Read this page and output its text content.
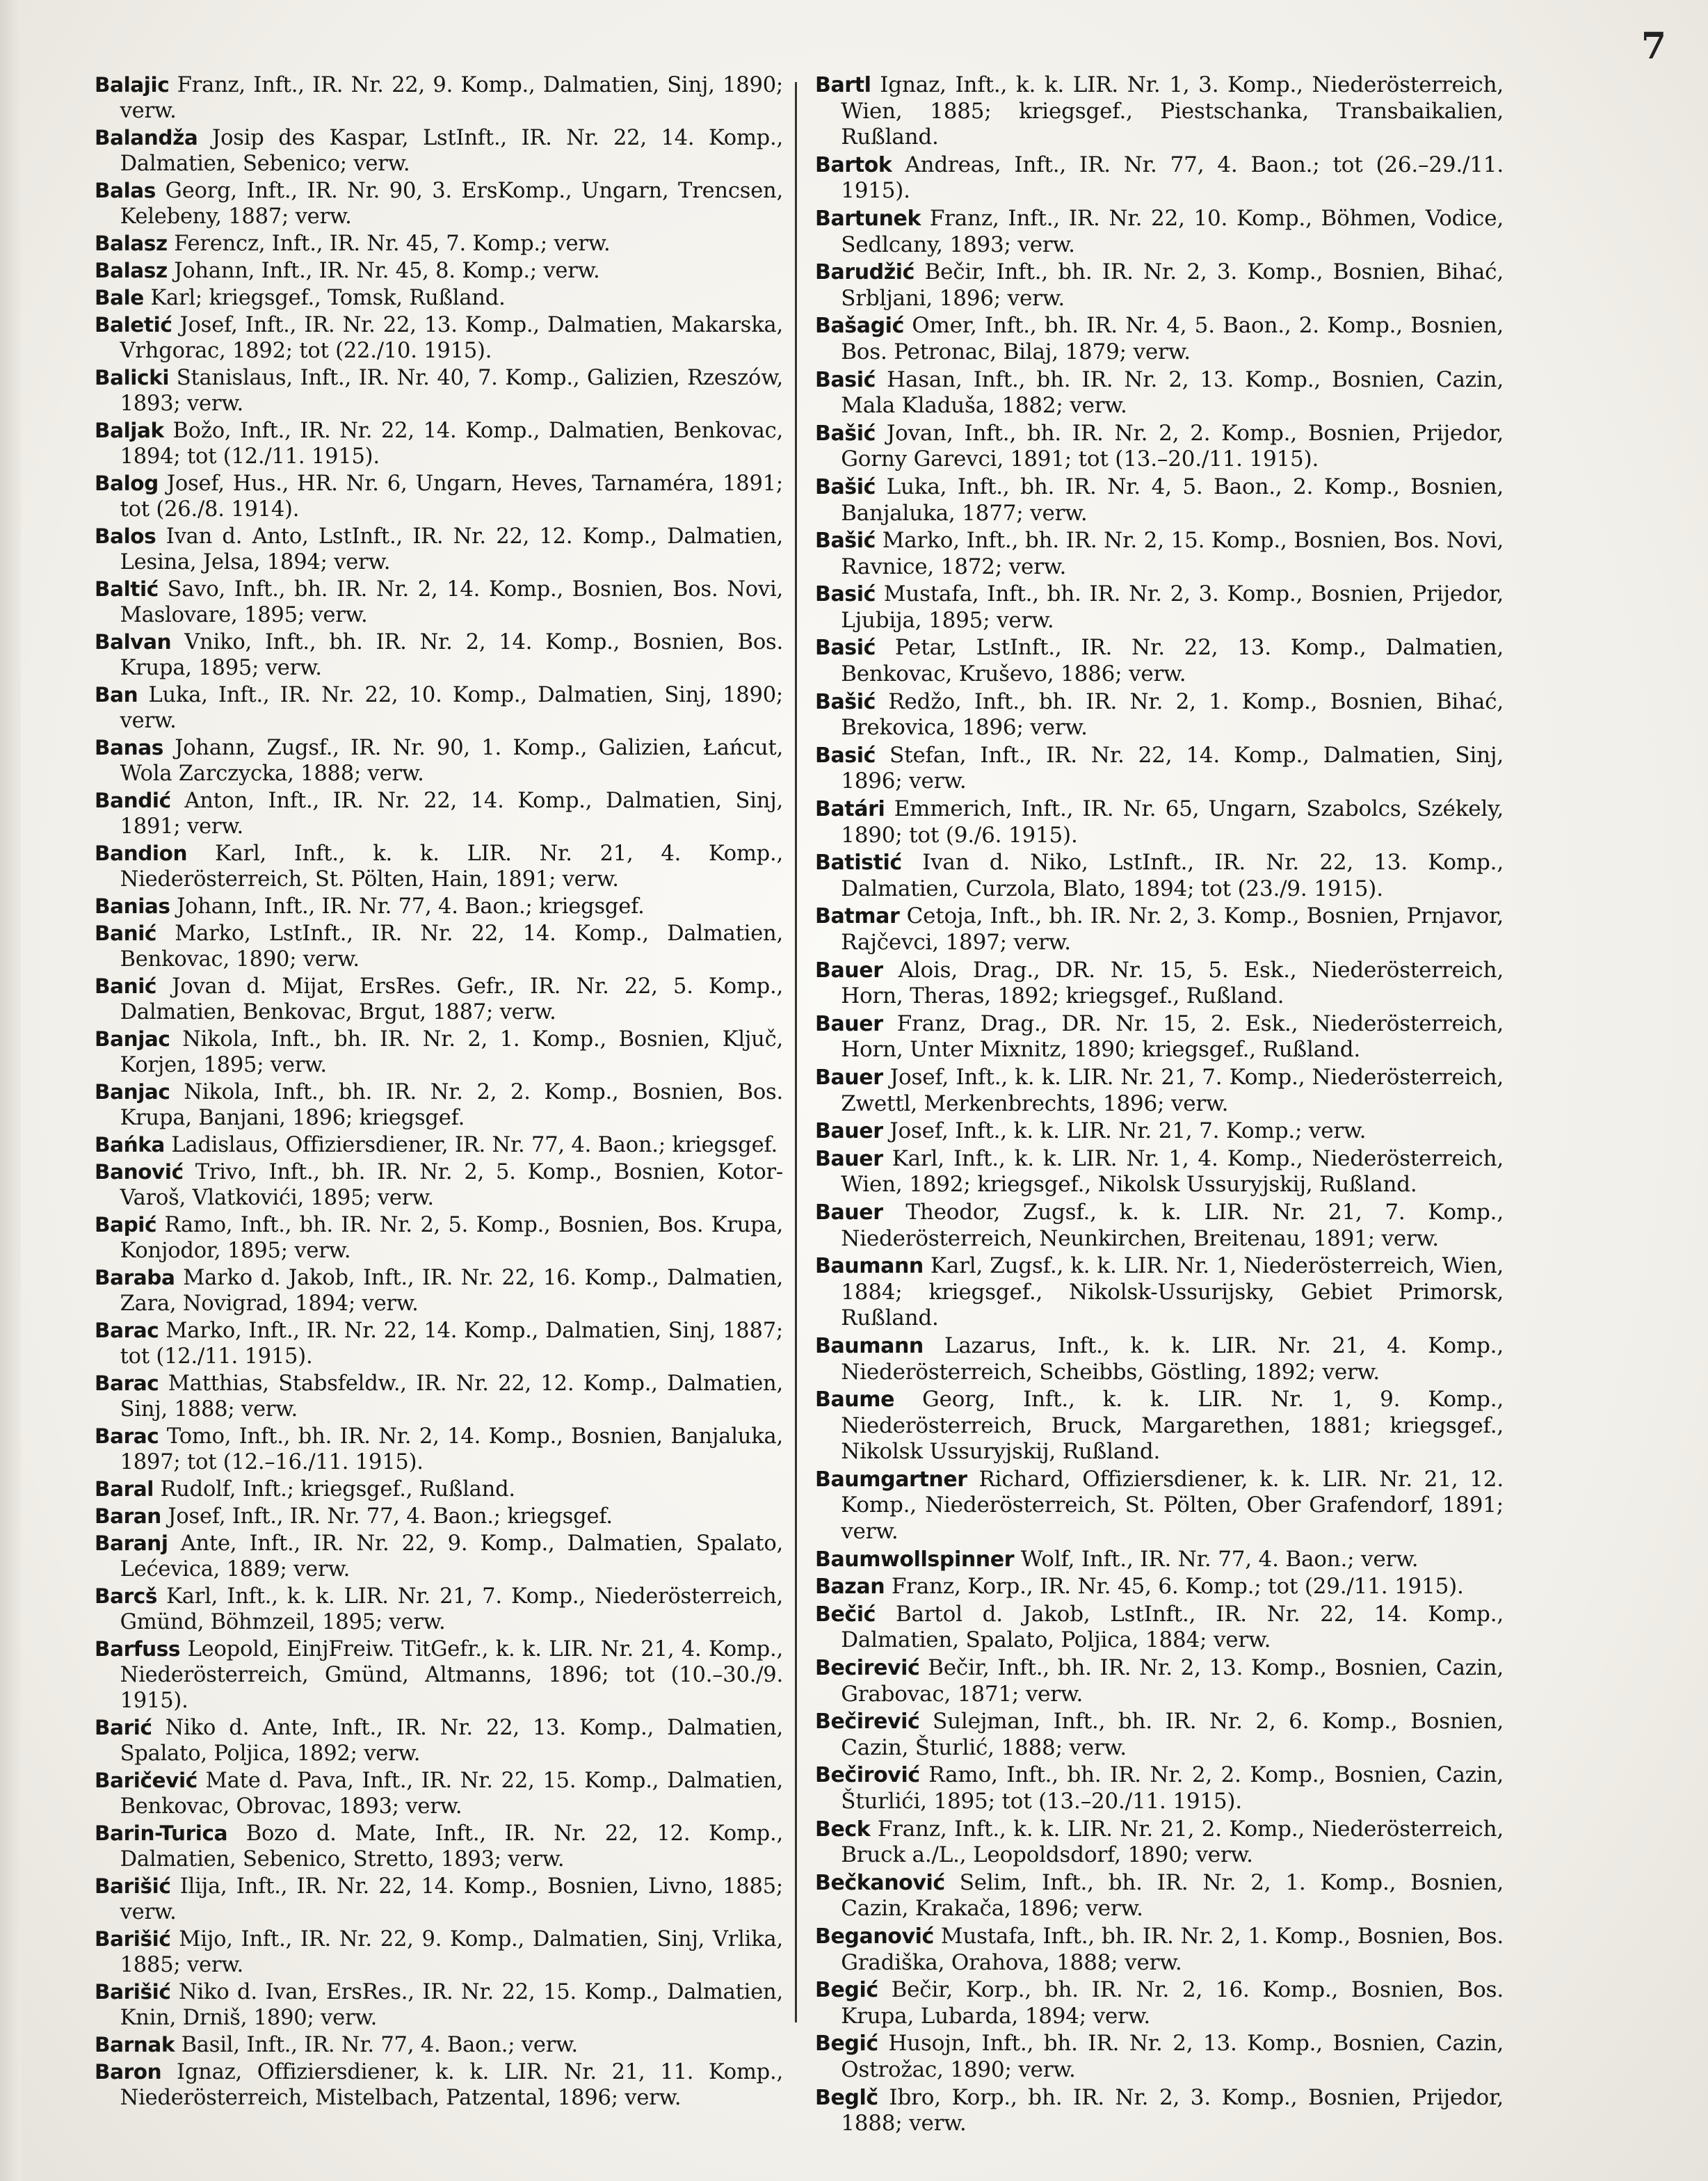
7

Balajic Franz, Inft., IR. Nr. 22, 9. Komp., Dalmatien, Sinj, 1890; verw.

Balandža Josip des Kaspar, LstInft., IR. Nr. 22, 14. Komp., Dalmatien, Sebenico; verw.

Balas Georg, Inft., IR. Nr. 90, 3. ErsKomp., Ungarn, Trencsen, Kelebeny, 1887; verw.

Balasz Ferencz, Inft., IR. Nr. 45, 7. Komp.; verw.

Balasz Johann, Inft., IR. Nr. 45, 8. Komp.; verw.

Bale Karl; kriegsgef., Tomsk, Rußland.

Baletić Josef, Inft., IR. Nr. 22, 13. Komp., Dalmatien, Makarska, Vrhgorac, 1892; tot (22./10. 1915).

Balicki Stanislaus, Inft., IR. Nr. 40, 7. Komp., Galizien, Rzeszów, 1893; verw.

Baljak Božo, Inft., IR. Nr. 22, 14. Komp., Dalmatien, Benkovac, 1894; tot (12./11. 1915).

Balog Josef, Hus., HR. Nr. 6, Ungarn, Heves, Tarnaméra, 1891; tot (26./8. 1914).

Balos Ivan d. Anto, LstInft., IR. Nr. 22, 12. Komp., Dalmatien, Lesina, Jelsa, 1894; verw.

Baltić Savo, Inft., bh. IR. Nr. 2, 14. Komp., Bosnien, Bos. Novi, Maslovare, 1895; verw.

Balvan Vniko, Inft., bh. IR. Nr. 2, 14. Komp., Bosnien, Bos. Krupa, 1895; verw.

Ban Luka, Inft., IR. Nr. 22, 10. Komp., Dalmatien, Sinj, 1890; verw.

Banas Johann, Zugsf., IR. Nr. 90, 1. Komp., Galizien, Łańcut, Wola Zarczycka, 1888; verw.

Bandić Anton, Inft., IR. Nr. 22, 14. Komp., Dalmatien, Sinj, 1891; verw.

Bandion Karl, Inft., k. k. LIR. Nr. 21, 4. Komp., Niederösterreich, St. Pölten, Hain, 1891; verw.

Banias Johann, Inft., IR. Nr. 77, 4. Baon.; kriegsgef.

Banić Marko, LstInft., IR. Nr. 22, 14. Komp., Dalmatien, Benkovac, 1890; verw.

Banić Jovan d. Mijat, ErsRes. Gefr., IR. Nr. 22, 5. Komp., Dalmatien, Benkovac, Brgut, 1887; verw.

Banjac Nikola, Inft., bh. IR. Nr. 2, 1. Komp., Bosnien, Ključ, Korjen, 1895; verw.

Banjac Nikola, Inft., bh. IR. Nr. 2, 2. Komp., Bosnien, Bos. Krupa, Banjani, 1896; kriegsgef.

Bańka Ladislaus, Offiziersdiener, IR. Nr. 77, 4. Baon.; kriegsgef.

Banović Trivo, Inft., bh. IR. Nr. 2, 5. Komp., Bosnien, Kotor-Varoš, Vlatkovići, 1895; verw.

Bapić Ramo, Inft., bh. IR. Nr. 2, 5. Komp., Bosnien, Bos. Krupa, Konjodor, 1895; verw.

Baraba Marko d. Jakob, Inft., IR. Nr. 22, 16. Komp., Dalmatien, Zara, Novigrad, 1894; verw.

Barac Marko, Inft., IR. Nr. 22, 14. Komp., Dalmatien, Sinj, 1887; tot (12./11. 1915).

Barac Matthias, Stabsfeldw., IR. Nr. 22, 12. Komp., Dalmatien, Sinj, 1888; verw.

Barac Tomo, Inft., bh. IR. Nr. 2, 14. Komp., Bosnien, Banjaluka, 1897; tot (12.–16./11. 1915).

Baral Rudolf, Inft.; kriegsgef., Rußland.

Baran Josef, Inft., IR. Nr. 77, 4. Baon.; kriegsgef.

Baranj Ante, Inft., IR. Nr. 22, 9. Komp., Dalmatien, Spalato, Lećevica, 1889; verw.

Barcš Karl, Inft., k. k. LIR. Nr. 21, 7. Komp., Niederösterreich, Gmünd, Böhmzeil, 1895; verw.

Barfuss Leopold, EinjFreiw. TitGefr., k. k. LIR. Nr. 21, 4. Komp., Niederösterreich, Gmünd, Altmanns, 1896; tot (10.–30./9. 1915).

Barić Niko d. Ante, Inft., IR. Nr. 22, 13. Komp., Dalmatien, Spalato, Poljica, 1892; verw.

Baričević Mate d. Pava, Inft., IR. Nr. 22, 15. Komp., Dalmatien, Benkovac, Obrovac, 1893; verw.

Barin-Turica Bozo d. Mate, Inft., IR. Nr. 22, 12. Komp., Dalmatien, Sebenico, Stretto, 1893; verw.

Barišić Ilija, Inft., IR. Nr. 22, 14. Komp., Bosnien, Livno, 1885; verw.

Barišić Mijo, Inft., IR. Nr. 22, 9. Komp., Dalmatien, Sinj, Vrlika, 1885; verw.

Barišić Niko d. Ivan, ErsRes., IR. Nr. 22, 15. Komp., Dalmatien, Knin, Drniš, 1890; verw.

Barnak Basil, Inft., IR. Nr. 77, 4. Baon.; verw.

Baron Ignaz, Offiziersdiener, k. k. LIR. Nr. 21, 11. Komp., Niederösterreich, Mistelbach, Patzental, 1896; verw.

Bartl Ignaz, Inft., k. k. LIR. Nr. 1, 3. Komp., Niederösterreich, Wien, 1885; kriegsgef., Piestschanka, Transbaikalien, Rußland.

Bartok Andreas, Inft., IR. Nr. 77, 4. Baon.; tot (26.–29./11. 1915).

Bartunek Franz, Inft., IR. Nr. 22, 10. Komp., Böhmen, Vodice, Sedlcany, 1893; verw.

Barudžić Bečir, Inft., bh. IR. Nr. 2, 3. Komp., Bosnien, Bihać, Srbljani, 1896; verw.

Bašagić Omer, Inft., bh. IR. Nr. 4, 5. Baon., 2. Komp., Bosnien, Bos. Petronac, Bilaj, 1879; verw.

Basić Hasan, Inft., bh. IR. Nr. 2, 13. Komp., Bosnien, Cazin, Mala Kladuša, 1882; verw.

Bašić Jovan, Inft., bh. IR. Nr. 2, 2. Komp., Bosnien, Prijedor, Gorny Garevci, 1891; tot (13.–20./11. 1915).

Bašić Luka, Inft., bh. IR. Nr. 4, 5. Baon., 2. Komp., Bosnien, Banjaluka, 1877; verw.

Bašić Marko, Inft., bh. IR. Nr. 2, 15. Komp., Bosnien, Bos. Novi, Ravnice, 1872; verw.

Basić Mustafa, Inft., bh. IR. Nr. 2, 3. Komp., Bosnien, Prijedor, Ljubija, 1895; verw.

Basić Petar, LstInft., IR. Nr. 22, 13. Komp., Dalmatien, Benkovac, Kruševo, 1886; verw.

Bašić Redžo, Inft., bh. IR. Nr. 2, 1. Komp., Bosnien, Bihać, Brekovica, 1896; verw.

Basić Stefan, Inft., IR. Nr. 22, 14. Komp., Dalmatien, Sinj, 1896; verw.

Batári Emmerich, Inft., IR. Nr. 65, Ungarn, Szabolcs, Székely, 1890; tot (9./6. 1915).

Batistić Ivan d. Niko, LstInft., IR. Nr. 22, 13. Komp., Dalmatien, Curzola, Blato, 1894; tot (23./9. 1915).

Batmar Cetoja, Inft., bh. IR. Nr. 2, 3. Komp., Bosnien, Prnjavor, Rajčevci, 1897; verw.

Bauer Alois, Drag., DR. Nr. 15, 5. Esk., Niederösterreich, Horn, Theras, 1892; kriegsgef., Rußland.

Bauer Franz, Drag., DR. Nr. 15, 2. Esk., Niederösterreich, Horn, Unter Mixnitz, 1890; kriegsgef., Rußland.

Bauer Josef, Inft., k. k. LIR. Nr. 21, 7. Komp., Niederösterreich, Zwettl, Merkenbrechts, 1896; verw.

Bauer Josef, Inft., k. k. LIR. Nr. 21, 7. Komp.; verw.

Bauer Karl, Inft., k. k. LIR. Nr. 1, 4. Komp., Niederösterreich, Wien, 1892; kriegsgef., Nikolsk Ussuryjskij, Rußland.

Bauer Theodor, Zugsf., k. k. LIR. Nr. 21, 7. Komp., Niederösterreich, Neunkirchen, Breitenau, 1891; verw.

Baumann Karl, Zugsf., k. k. LIR. Nr. 1, Niederösterreich, Wien, 1884; kriegsgef., Nikolsk-Ussurijsky, Gebiet Primorsk, Rußland.

Baumann Lazarus, Inft., k. k. LIR. Nr. 21, 4. Komp., Niederösterreich, Scheibbs, Göstling, 1892; verw.

Baume Georg, Inft., k. k. LIR. Nr. 1, 9. Komp., Niederösterreich, Bruck, Margarethen, 1881; kriegsgef., Nikolsk Ussuryjskij, Rußland.

Baumgartner Richard, Offiziersdiener, k. k. LIR. Nr. 21, 12. Komp., Niederösterreich, St. Pölten, Ober Grafendorf, 1891; verw.

Baumwollspinner Wolf, Inft., IR. Nr. 77, 4. Baon.; verw.

Bazan Franz, Korp., IR. Nr. 45, 6. Komp.; tot (29./11. 1915).

Bečić Bartol d. Jakob, LstInft., IR. Nr. 22, 14. Komp., Dalmatien, Spalato, Poljica, 1884; verw.

Becirević Bečir, Inft., bh. IR. Nr. 2, 13. Komp., Bosnien, Cazin, Grabovac, 1871; verw.

Bečirević Sulejman, Inft., bh. IR. Nr. 2, 6. Komp., Bosnien, Cazin, Šturlić, 1888; verw.

Bečirović Ramo, Inft., bh. IR. Nr. 2, 2. Komp., Bosnien, Cazin, Šturlići, 1895; tot (13.–20./11. 1915).

Beck Franz, Inft., k. k. LIR. Nr. 21, 2. Komp., Niederösterreich, Bruck a./L., Leopoldsdorf, 1890; verw.

Bečkanović Selim, Inft., bh. IR. Nr. 2, 1. Komp., Bosnien, Cazin, Krakača, 1896; verw.

Beganović Mustafa, Inft., bh. IR. Nr. 2, 1. Komp., Bosnien, Bos. Gradiška, Orahova, 1888; verw.

Begić Bečir, Korp., bh. IR. Nr. 2, 16. Komp., Bosnien, Bos. Krupa, Lubarda, 1894; verw.

Begić Husojn, Inft., bh. IR. Nr. 2, 13. Komp., Bosnien, Cazin, Ostrožac, 1890; verw.

Beglč Ibro, Korp., bh. IR. Nr. 2, 3. Komp., Bosnien, Prijedor, 1888; verw.
